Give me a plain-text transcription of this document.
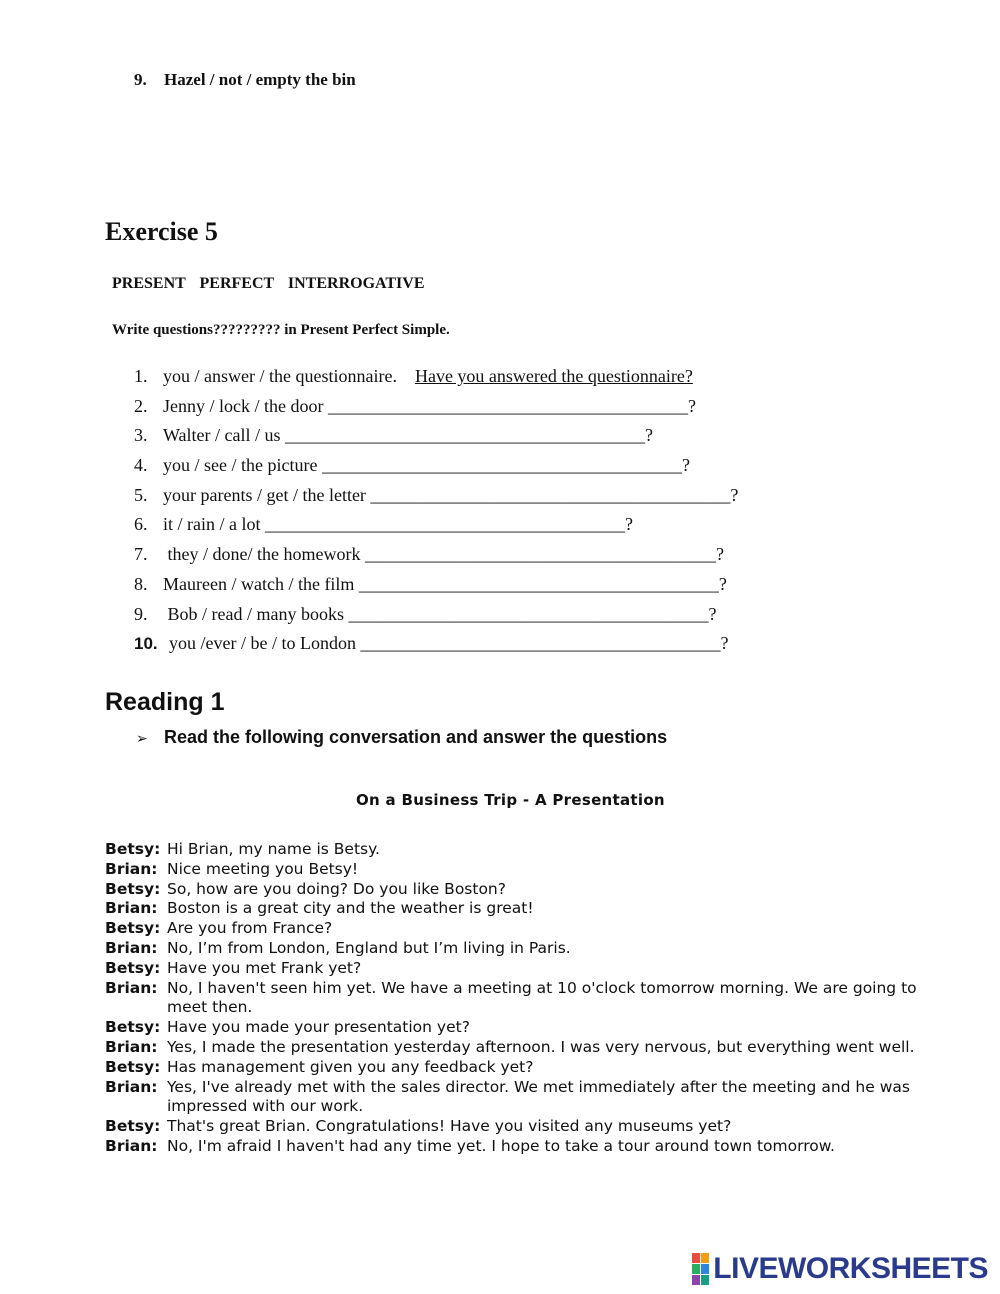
9. Hazel / not / empty the bin
Exercise 5
PRESENT PERFECT INTERROGATIVE
Write questions????????? in Present Perfect Simple.
1. you / answer / the questionnaire. Have you answered the questionnaire?
2. Jenny / lock / the door ________________________________________?
3. Walter / call / us ________________________________________?
4. you / see / the picture ________________________________________?
5. your parents / get / the letter ________________________________________?
6. it / rain / a lot ________________________________________?
7. they / done/ the homework _______________________________________?
8. Maureen / watch / the film ________________________________________?
9. Bob / read / many books ________________________________________?
10. you /ever / be / to London ________________________________________?
Reading 1
➢ Read the following conversation and answer the questions
On a Business Trip - A Presentation
Betsy: Hi Brian, my name is Betsy.
Brian: Nice meeting you Betsy!
Betsy: So, how are you doing? Do you like Boston?
Brian: Boston is a great city and the weather is great!
Betsy: Are you from France?
Brian: No, I’m from London, England but I’m living in Paris.
Betsy: Have you met Frank yet?
Brian: No, I haven't seen him yet. We have a meeting at 10 o'clock tomorrow morning. We are going to meet then.
Betsy: Have you made your presentation yet?
Brian: Yes, I made the presentation yesterday afternoon. I was very nervous, but everything went well.
Betsy: Has management given you any feedback yet?
Brian: Yes, I've already met with the sales director. We met immediately after the meeting and he was impressed with our work.
Betsy: That's great Brian. Congratulations! Have you visited any museums yet?
Brian: No, I'm afraid I haven't had any time yet. I hope to take a tour around town tomorrow.
LIVEWORKSHEETS
